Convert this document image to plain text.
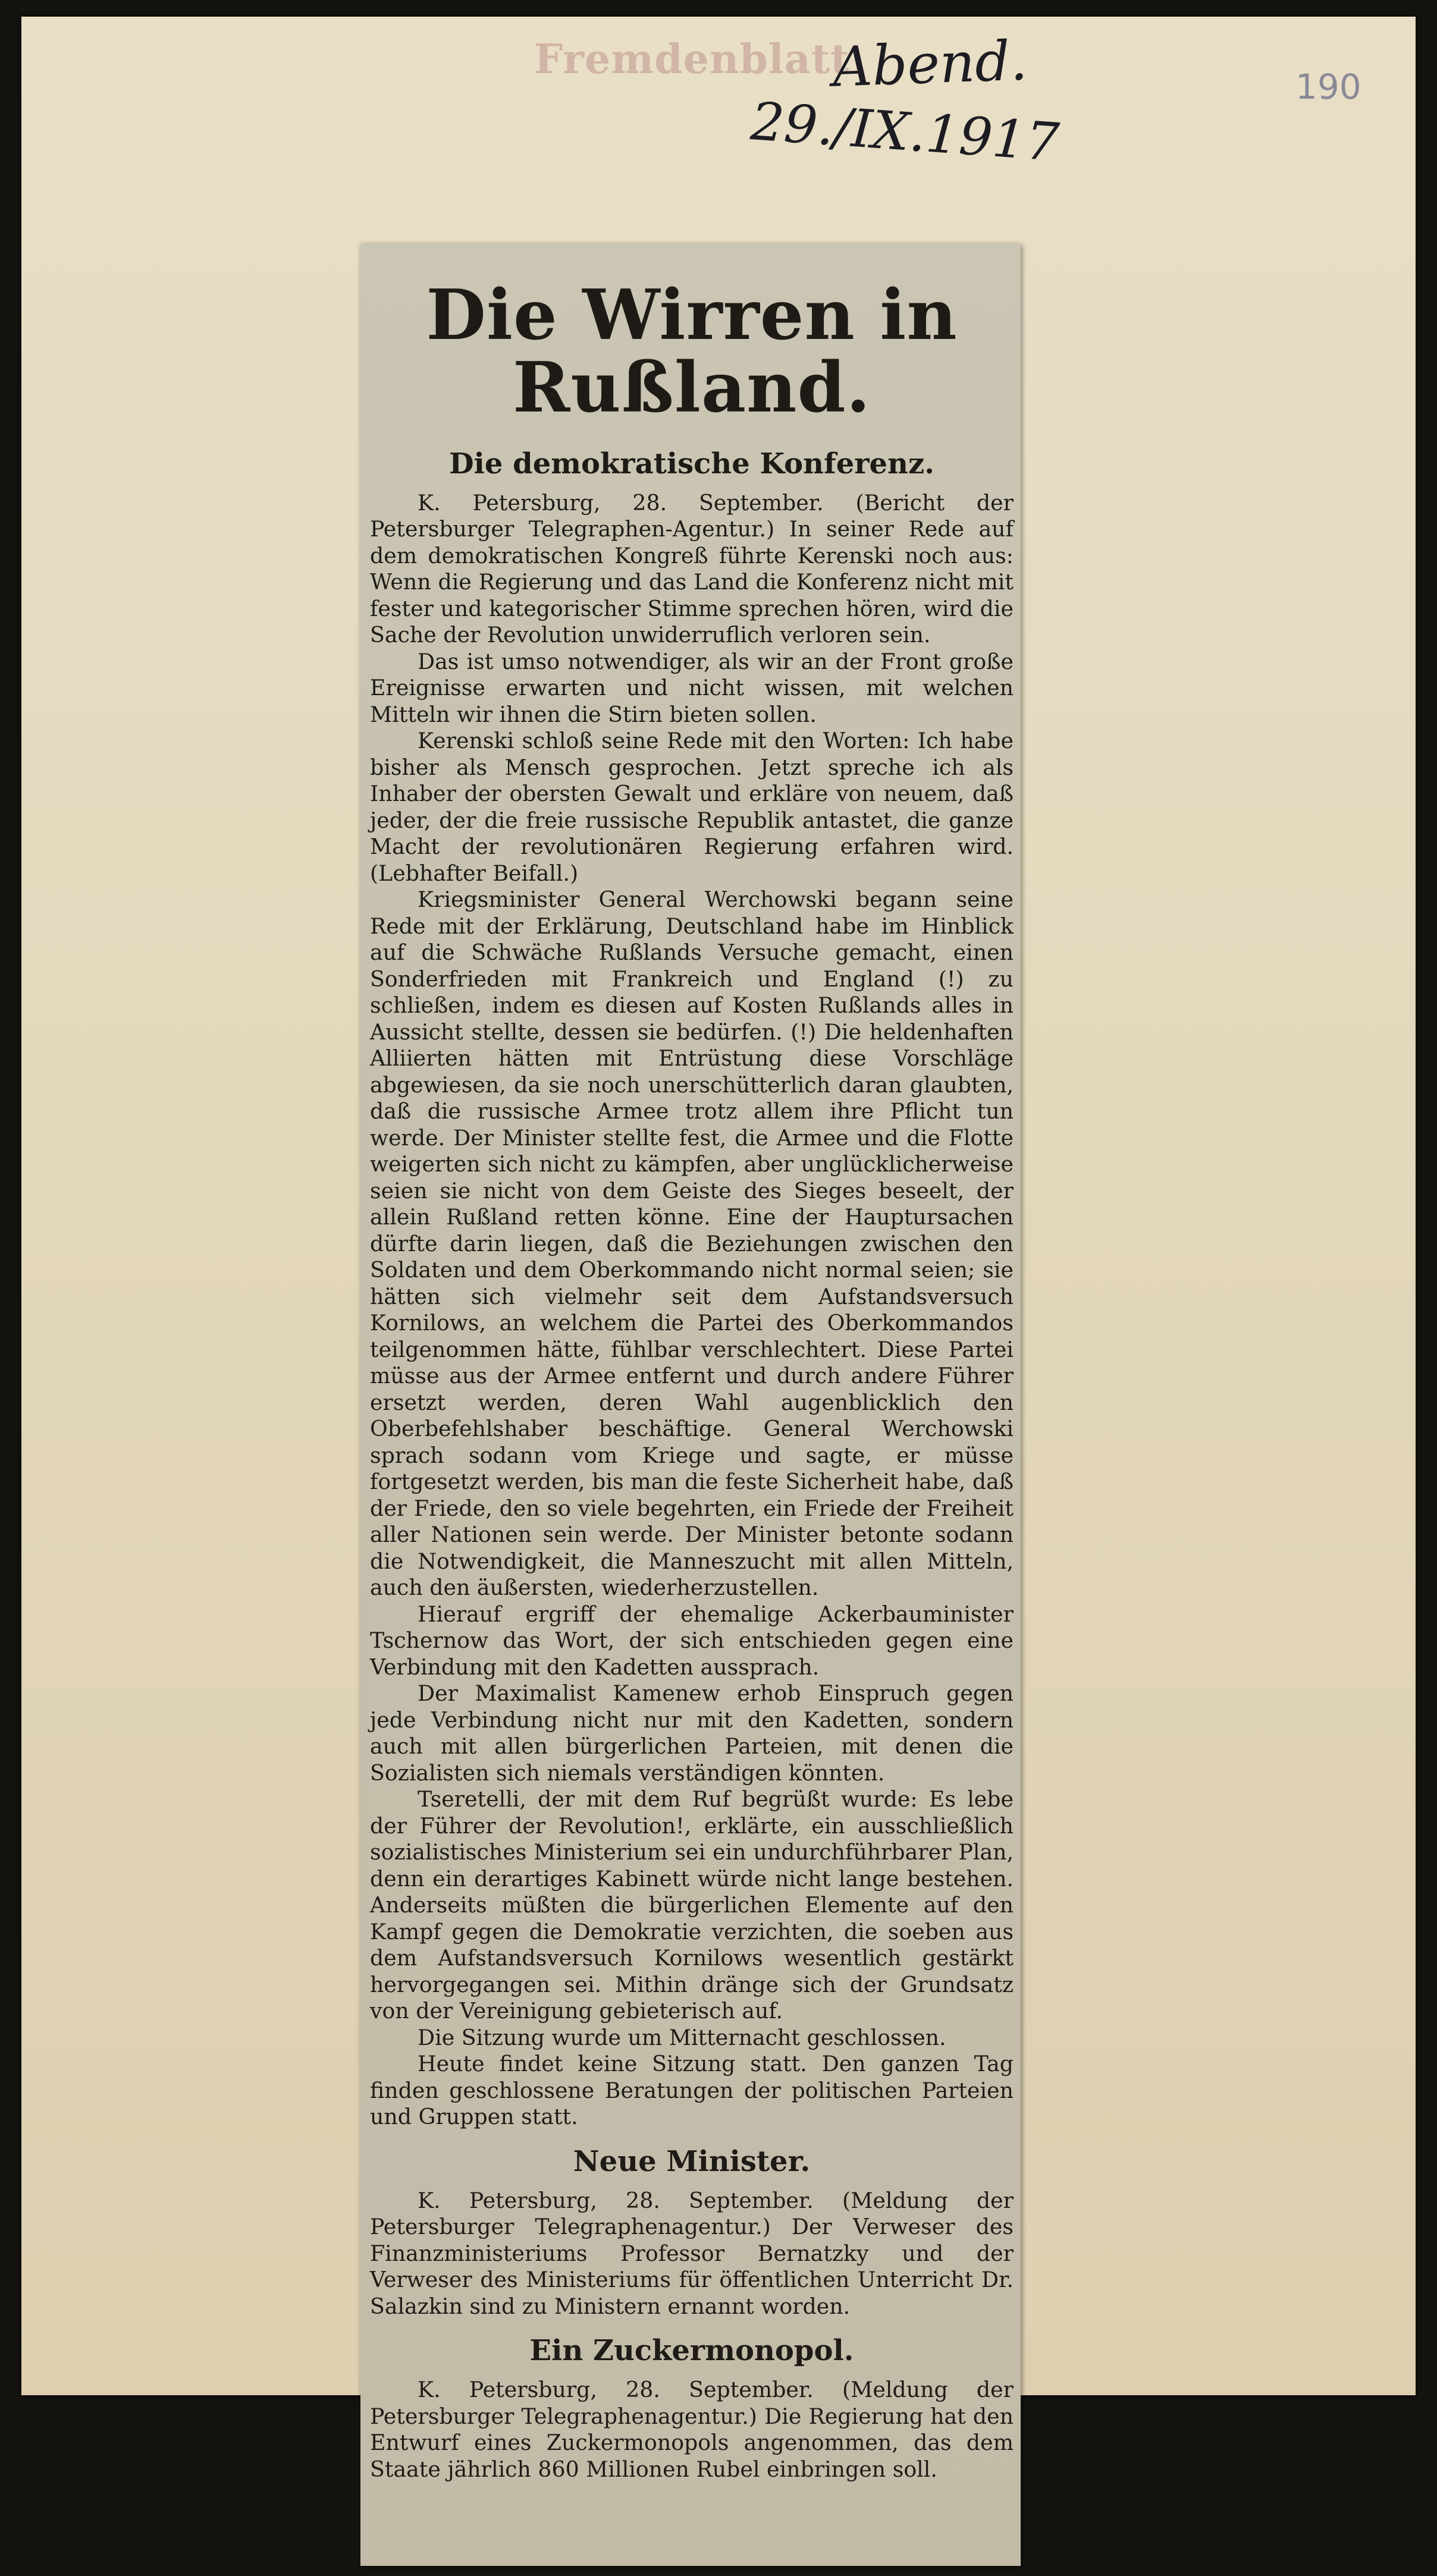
Fremdenblatt
Abend.
29./IX.1917
190
Die Wirren in Rußland.
Die demokratische Konferenz.

K. Petersburg, 28. September. (Bericht der Petersburger Telegraphen-Agentur.) In seiner Rede auf dem demokratischen Kongreß führte Kerenski noch aus: Wenn die Regierung und das Land die Konferenz nicht mit fester und kategorischer Stimme sprechen hören, wird die Sache der Revolution unwiderruflich verloren sein.

Das ist umso notwendiger, als wir an der Front große Ereignisse erwarten und nicht wissen, mit welchen Mitteln wir ihnen die Stirn bieten sollen.

Kerenski schloß seine Rede mit den Worten: Ich habe bisher als Mensch gesprochen. Jetzt spreche ich als Inhaber der obersten Gewalt und erkläre von neuem, daß jeder, der die freie russische Republik antastet, die ganze Macht der revolutionären Regierung erfahren wird. (Lebhafter Beifall.)

Kriegsminister General Werchowski begann seine Rede mit der Erklärung, Deutschland habe im Hinblick auf die Schwäche Rußlands Versuche gemacht, einen Sonderfrieden mit Frankreich und England (!) zu schließen, indem es diesen auf Kosten Rußlands alles in Aussicht stellte, dessen sie bedürfen. (!) Die heldenhaften Alliierten hätten mit Entrüstung diese Vorschläge abgewiesen, da sie noch unerschütterlich daran glaubten, daß die russische Armee trotz allem ihre Pflicht tun werde. Der Minister stellte fest, die Armee und die Flotte weigerten sich nicht zu kämpfen, aber unglücklicherweise seien sie nicht von dem Geiste des Sieges beseelt, der allein Rußland retten könne. Eine der Hauptursachen dürfte darin liegen, daß die Beziehungen zwischen den Soldaten und dem Oberkommando nicht normal seien; sie hätten sich vielmehr seit dem Aufstandsversuch Kornilows, an welchem die Partei des Oberkommandos teilgenommen hätte, fühlbar verschlechtert. Diese Partei müsse aus der Armee entfernt und durch andere Führer ersetzt werden, deren Wahl augenblicklich den Oberbefehlshaber beschäftige. General Werchowski sprach sodann vom Kriege und sagte, er müsse fortgesetzt werden, bis man die feste Sicherheit habe, daß der Friede, den so viele begehrten, ein Friede der Freiheit aller Nationen sein werde. Der Minister betonte sodann die Notwendigkeit, die Manneszucht mit allen Mitteln, auch den äußersten, wiederherzustellen.

Hierauf ergriff der ehemalige Ackerbauminister Tschernow das Wort, der sich entschieden gegen eine Verbindung mit den Kadetten aussprach.

Der Maximalist Kamenew erhob Einspruch gegen jede Verbindung nicht nur mit den Kadetten, sondern auch mit allen bürgerlichen Parteien, mit denen die Sozialisten sich niemals verständigen könnten.

Tseretelli, der mit dem Ruf begrüßt wurde: Es lebe der Führer der Revolution!, erklärte, ein ausschließlich sozialistisches Ministerium sei ein undurchführbarer Plan, denn ein derartiges Kabinett würde nicht lange bestehen. Anderseits müßten die bürgerlichen Elemente auf den Kampf gegen die Demokratie verzichten, die soeben aus dem Aufstandsversuch Kornilows wesentlich gestärkt hervorgegangen sei. Mithin dränge sich der Grundsatz von der Vereinigung gebieterisch auf.

Die Sitzung wurde um Mitternacht geschlossen.

Heute findet keine Sitzung statt. Den ganzen Tag finden geschlossene Beratungen der politischen Parteien und Gruppen statt.

Neue Minister.

K. Petersburg, 28. September. (Meldung der Petersburger Telegraphenagentur.) Der Verweser des Finanzministeriums Professor Bernatzky und der Verweser des Ministeriums für öffentlichen Unterricht Dr. Salazkin sind zu Ministern ernannt worden.

Ein Zuckermonopol.

K. Petersburg, 28. September. (Meldung der Petersburger Telegraphenagentur.) Die Regierung hat den Entwurf eines Zuckermonopols angenommen, das dem Staate jährlich 860 Millionen Rubel einbringen soll.
